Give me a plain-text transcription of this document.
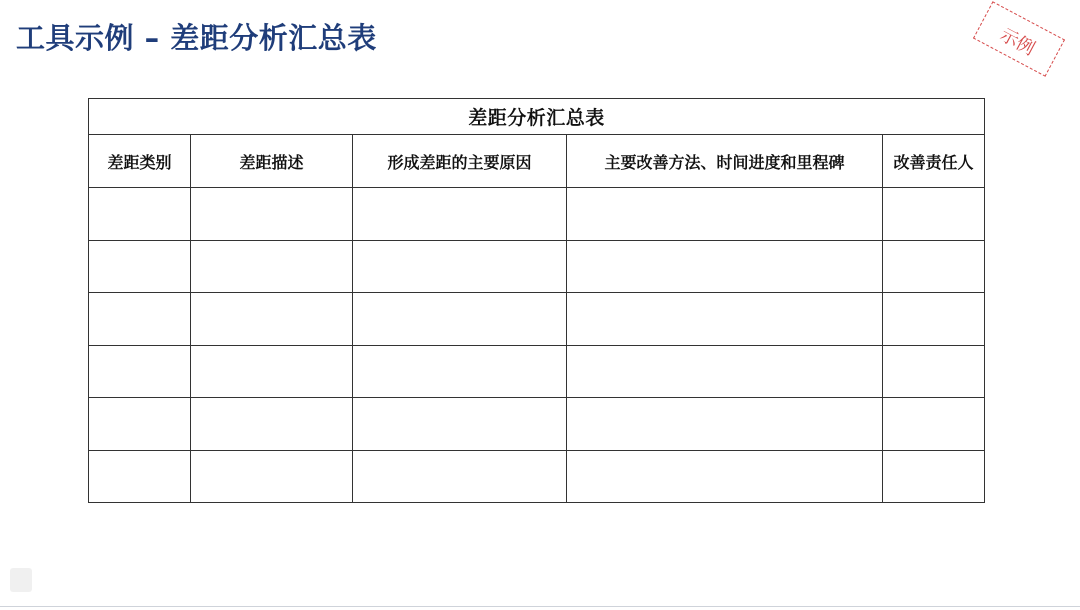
工具示例 – 差距分析汇总表	示例
差距分析汇总表				
差距类别	差距描述	形成差距的主要原因	主要改善方法、时间进度和里程碑	改善责任人
